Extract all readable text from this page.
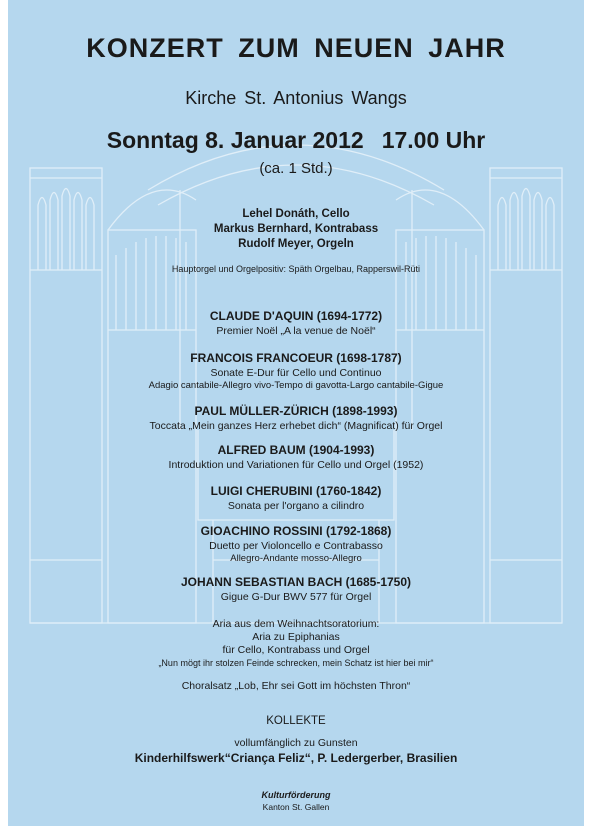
KONZERT ZUM NEUEN JAHR

Kirche St. Antonius Wangs

Sonntag 8. Januar 2012 17.00 Uhr

(ca. 1 Std.)

Lehel Donáth, Cello

Markus Bernhard, Kontrabass

Rudolf Meyer, Orgeln

Hauptorgel und Orgelpositiv: Späth Orgelbau, Rapperswil-Rüti

CLAUDE D'AQUIN (1694-1772)

Premier Noël „A la venue de Noël“

FRANCOIS FRANCOEUR (1698-1787)

Sonate E-Dur für Cello und Continuo

Adagio cantabile-Allegro vivo-Tempo di gavotta-Largo cantabile-Gigue

PAUL MÜLLER-ZÜRICH (1898-1993)

Toccata „Mein ganzes Herz erhebet dich“ (Magnificat) für Orgel

ALFRED BAUM (1904-1993)

Introduktion und Variationen für Cello und Orgel (1952)

LUIGI CHERUBINI (1760-1842)

Sonata per l'organo a cilindro

GIOACHINO ROSSINI (1792-1868)

Duetto per Violoncello e Contrabasso

Allegro-Andante mosso-Allegro

JOHANN SEBASTIAN BACH (1685-1750)

Gigue G-Dur BWV 577 für Orgel

Aria aus dem Weihnachtsoratorium:

Aria zu Epiphanias

für Cello, Kontrabass und Orgel

„Nun mögt ihr stolzen Feinde schrecken, mein Schatz ist hier bei mir“

Choralsatz „Lob, Ehr sei Gott im höchsten Thron“

KOLLEKTE

vollumfänglich zu Gunsten

Kinderhilfswerk“Criança Feliz“, P. Ledergerber, Brasilien

Kulturförderung

Kanton St. Gallen
